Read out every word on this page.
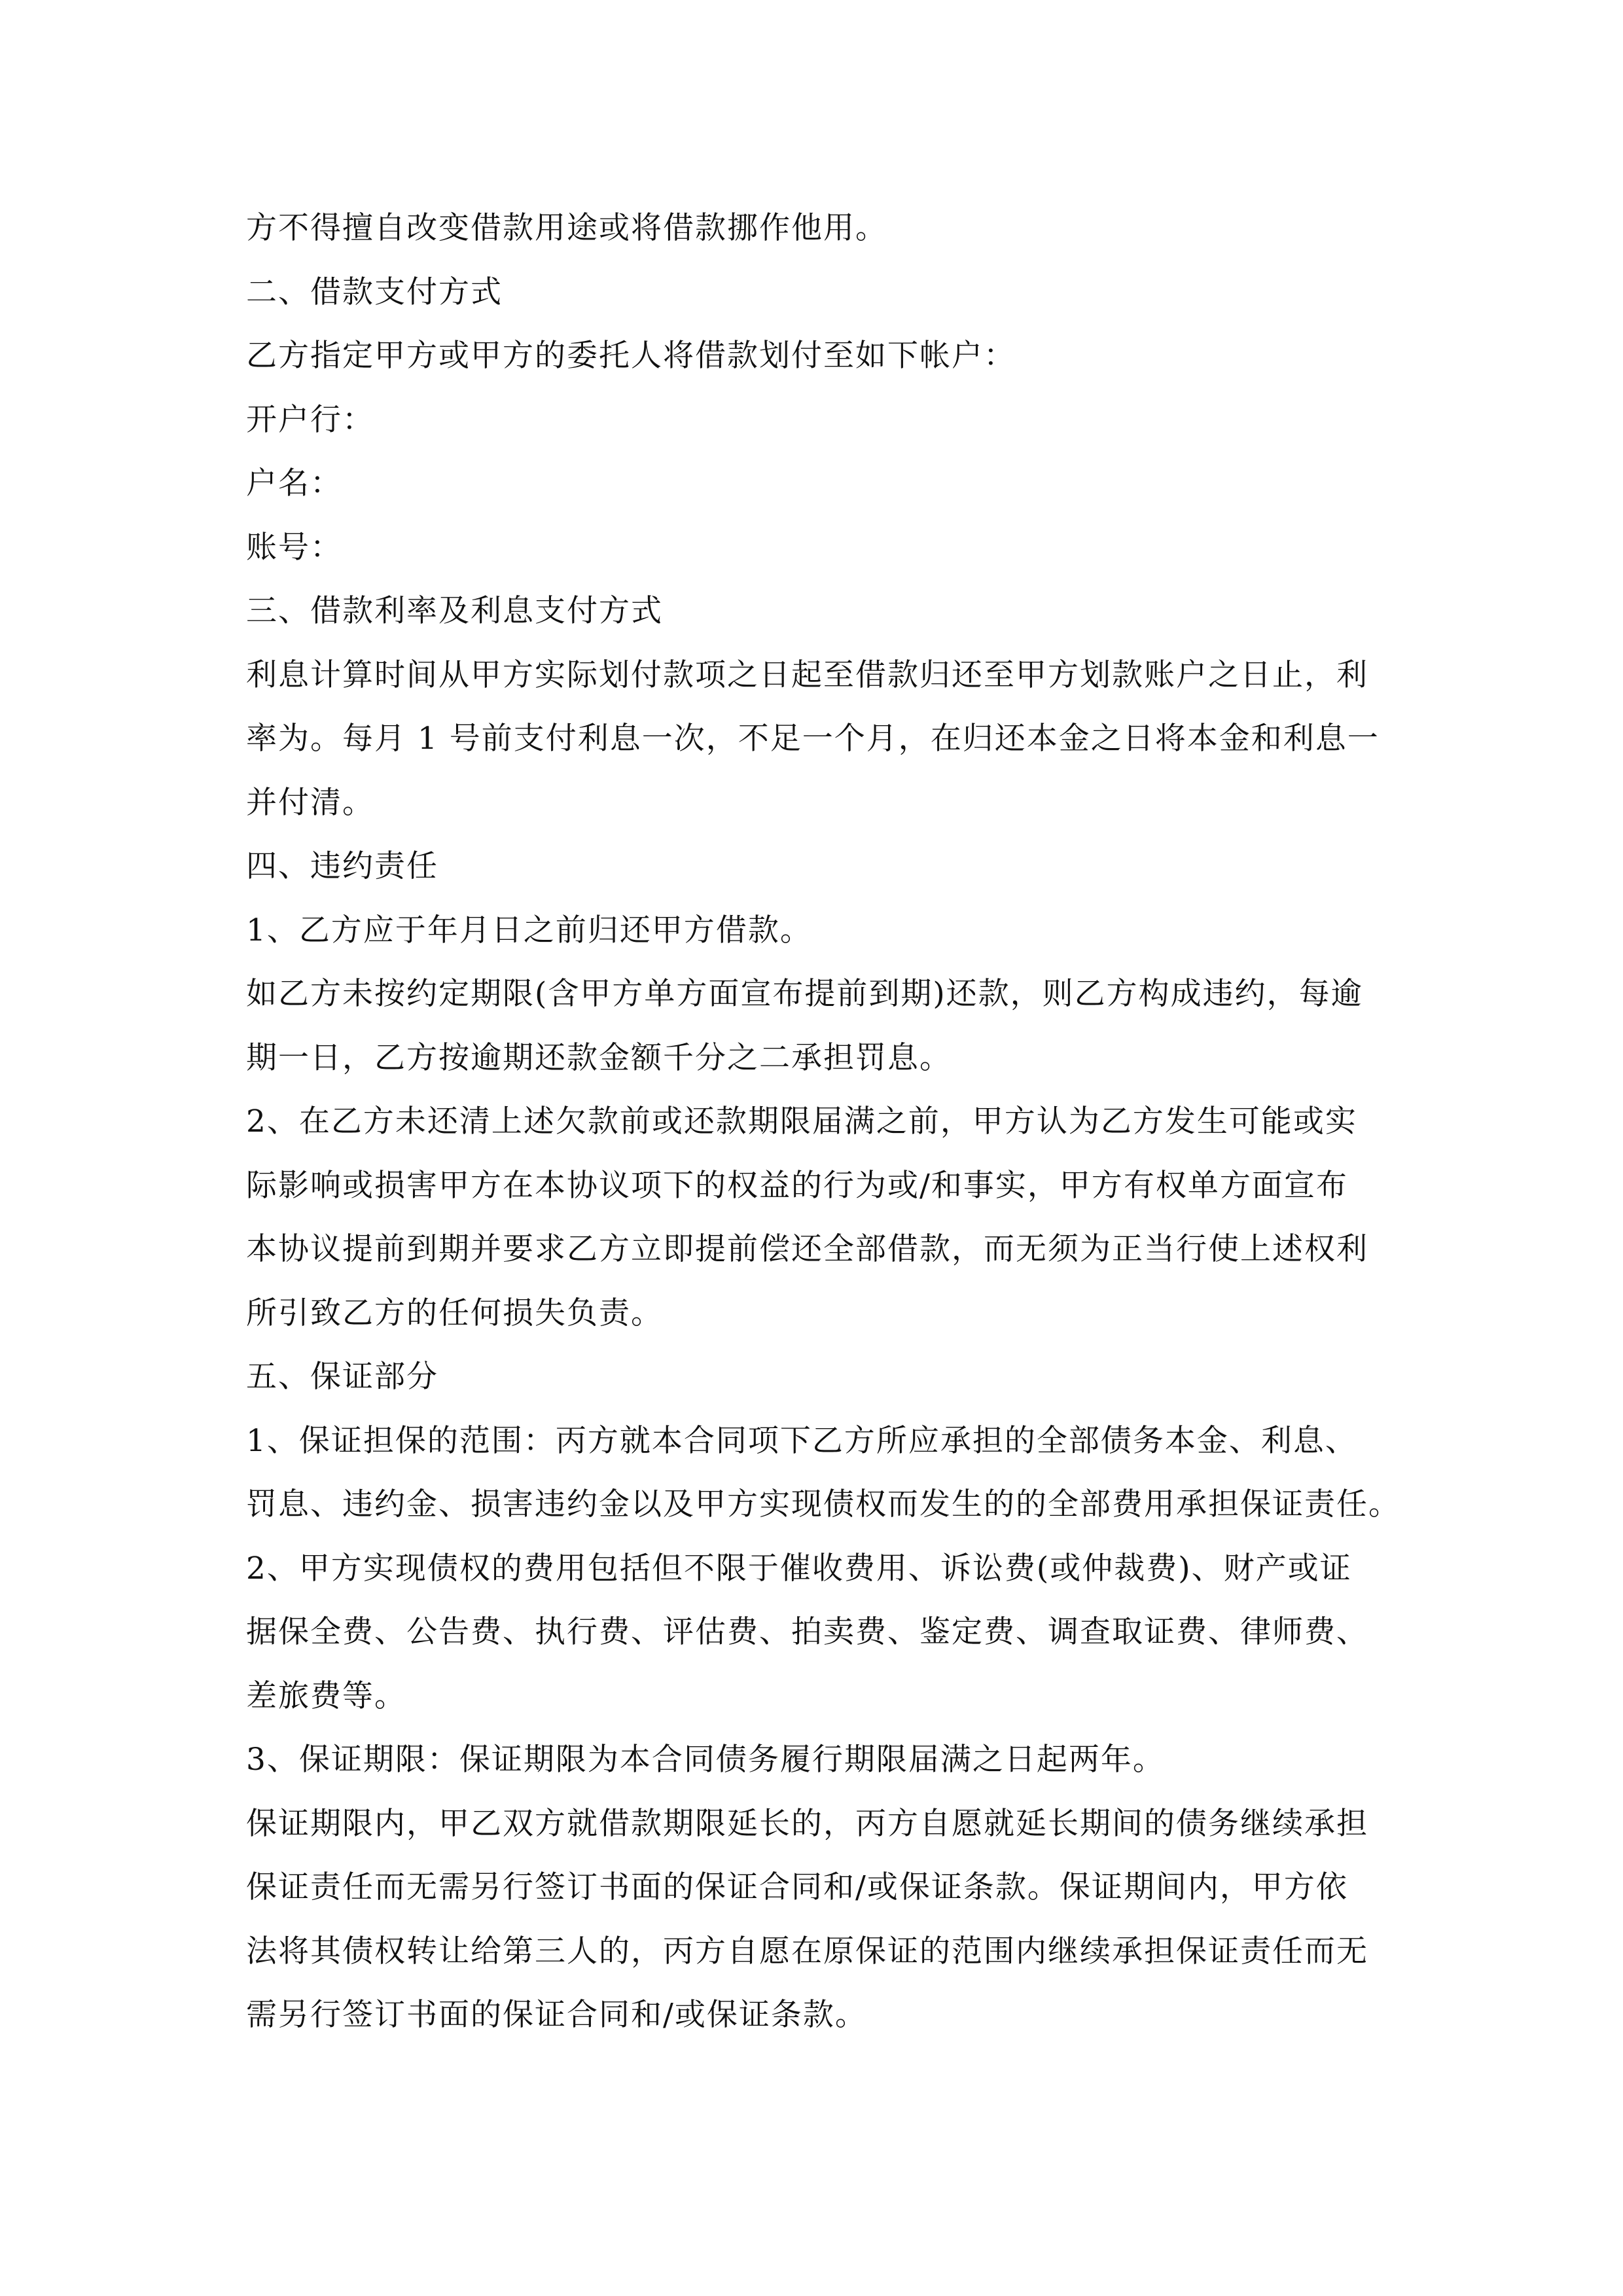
方不得擅自改变借款用途或将借款挪作他用。

二、借款支付方式

乙方指定甲方或甲方的委托人将借款划付至如下帐户：

开户行：

户名：

账号：

三、借款利率及利息支付方式

利息计算时间从甲方实际划付款项之日起至借款归还至甲方划款账户之日止，利

率为。每月 1 号前支付利息一次，不足一个月，在归还本金之日将本金和利息一

并付清。

四、违约责任

1、乙方应于年月日之前归还甲方借款。

如乙方未按约定期限(含甲方单方面宣布提前到期)还款，则乙方构成违约，每逾

期一日，乙方按逾期还款金额千分之二承担罚息。

2、在乙方未还清上述欠款前或还款期限届满之前，甲方认为乙方发生可能或实

际影响或损害甲方在本协议项下的权益的行为或/和事实，甲方有权单方面宣布

本协议提前到期并要求乙方立即提前偿还全部借款，而无须为正当行使上述权利

所引致乙方的任何损失负责。

五、保证部分

1、保证担保的范围：丙方就本合同项下乙方所应承担的全部债务本金、利息、

罚息、违约金、损害违约金以及甲方实现债权而发生的的全部费用承担保证责任。

2、甲方实现债权的费用包括但不限于催收费用、诉讼费(或仲裁费)、财产或证

据保全费、公告费、执行费、评估费、拍卖费、鉴定费、调查取证费、律师费、

差旅费等。

3、保证期限：保证期限为本合同债务履行期限届满之日起两年。

保证期限内，甲乙双方就借款期限延长的，丙方自愿就延长期间的债务继续承担

保证责任而无需另行签订书面的保证合同和/或保证条款。保证期间内，甲方依

法将其债权转让给第三人的，丙方自愿在原保证的范围内继续承担保证责任而无

需另行签订书面的保证合同和/或保证条款。
